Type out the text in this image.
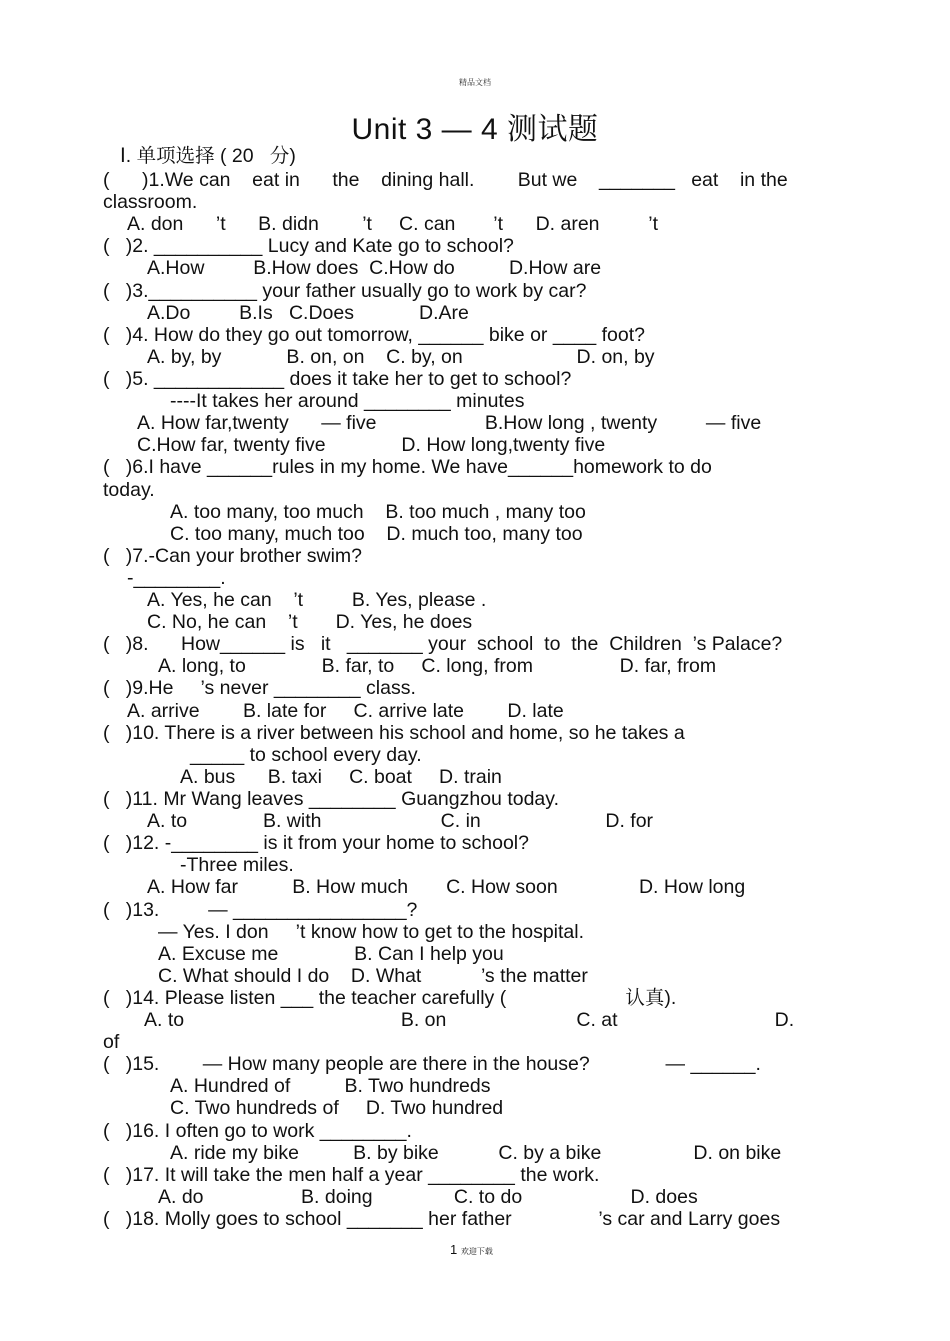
精品文档
Unit 3 — 4 测试题
Ⅰ. 单项选择 ( 20   分)
(      )1.We can    eat in      the    dining hall.        But we    _______   eat    in the
classroom.
A. don      ’t      B. didn        ’t     C. can       ’t      D. aren         ’t
(   )2. __________ Lucy and Kate go to school?
A.How         B.How does  C.How do          D.How are
(   )3.__________ your father usually go to work by car?
A.Do         B.Is   C.Does            D.Are
(   )4. How do they go out tomorrow, ______ bike or ____ foot?
A. by, by            B. on, on    C. by, on                     D. on, by
(   )5. ____________ does it take her to get to school?
----It takes her around ________ minutes
A. How far,twenty      — five                    B.How long , twenty         — five
C.How far, twenty five              D. How long,twenty five
(   )6.I have ______rules in my home. We have______homework to do
today.
A. too many, too much    B. too much , many too
C. too many, much too    D. much too, many too
(   )7.-Can your brother swim?
-________.
A. Yes, he can    ’t         B. Yes, please .
C. No, he can    ’t       D. Yes, he does
(   )8.      How______ is   it   _______ your  school  to  the  Children  ’s Palace?
A. long, to              B. far, to     C. long, from                D. far, from
(   )9.He     ’s never ________ class.
A. arrive        B. late for     C. arrive late        D. late
(   )10. There is a river between his school and home, so he takes a
_____ to school every day.
A. bus      B. taxi     C. boat     D. train
(   )11. Mr Wang leaves ________ Guangzhou today.
A. to              B. with                      C. in                       D. for
(   )12. -________ is it from your home to school?
-Three miles.
A. How far          B. How much       C. How soon               D. How long
(   )13.         — ________________?
— Yes. I don     ’t know how to get to the hospital.
A. Excuse me              B. Can I help you
C. What should I do    D. What           ’s the matter
(   )14. Please listen ___ the teacher carefully (                      认真).
A. to                                        B. on                        C. at                             D.
of
(   )15.        — How many people are there in the house?              — ______.
A. Hundred of          B. Two hundreds
C. Two hundreds of     D. Two hundred
(   )16. I often go to work ________.
A. ride my bike          B. by bike           C. by a bike                 D. on bike
(   )17. It will take the men half a year ________ the work.
A. do                  B. doing               C. to do                    D. does
(   )18. Molly goes to school _______ her father                ’s car and Larry goes
1 欢迎下载
